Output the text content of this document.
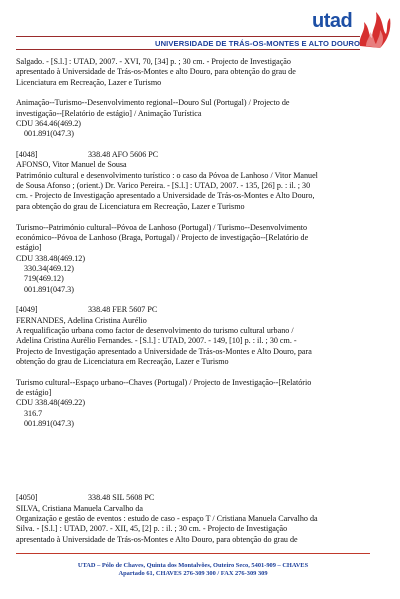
utad
UNIVERSIDADE DE TRÁS-OS-MONTES E ALTO DOURO

Salgado. - [S.l.] : UTAD, 2007. - XVI, 70, [34] p. ; 30 cm. - Projecto de Investigação

apresentado à Universidade de Trás-os-Montes e alto Douro, para obtenção do grau de

Licenciatura em Recreação, Lazer e Turismo

Animação--Turismo--Desenvolvimento regional--Douro Sul (Portugal) / Projecto de

investigação--[Relatório de estágio] / Animação Turística

CDU 364.46(469.2)

001.891(047.3)

[4048]	338.48 AFO 5606 PC

AFONSO, Vitor Manuel de Sousa

Património cultural e desenvolvimento turístico : o caso da Póvoa de Lanhoso / Vitor Manuel

de Sousa Afonso ; (orient.) Dr. Varico Pereira. - [S.l.] : UTAD, 2007. - 135, [26] p. : il. ; 30

cm. - Projecto de Investigação apresentado a Universidade de Trás-os-Montes e Alto Douro,

para obtenção do grau de Licenciatura em Recreação, Lazer e Turismo

Turismo--Património cultural--Póvoa de Lanhoso (Portugal) / Turismo--Desenvolvimento

económico--Póvoa de Lanhoso (Braga, Portugal) / Projecto de investigação--[Relatório de

estágio]

CDU 338.48(469.12)

330.34(469.12)

719(469.12)

001.891(047.3)

[4049]	338.48 FER 5607 PC

FERNANDES, Adelina Cristina Aurélio

A requalificação urbana como factor de desenvolvimento do turismo cultural urbano /

Adelina Cristina Aurélio Fernandes. - [S.l.] : UTAD, 2007. - 149, [10] p. : il. ; 30 cm. -

Projecto de Investigação apresentado a Universidade de Trás-os-Montes e Alto Douro, para

obtenção do grau de Licenciatura em Recreação, Lazer e Turismo

Turismo cultural--Espaço urbano--Chaves (Portugal) / Projecto de Investigação--[Relatório

de estágio]

CDU 338.48(469.22)

316.7

001.891(047.3)

[4050]	338.48 SIL 5608 PC

SILVA, Cristiana Manuela Carvalho da

Organização e gestão de eventos : estudo de caso - espaço T / Cristiana Manuela Carvalho da

Silva. - [S.l.] : UTAD, 2007. - XII, 45, [2] p. : il. ; 30 cm. - Projecto de Investigação

apresentado à Universidade de Trás-os-Montes e Alto Douro, para obtenção do grau de

UTAD – Pólo de Chaves, Quinta dos Montalvões, Outeiro Seco, 5401-909 – CHAVES
Apartado 61, CHAVES 276-309 300 / FAX 276-309 309
